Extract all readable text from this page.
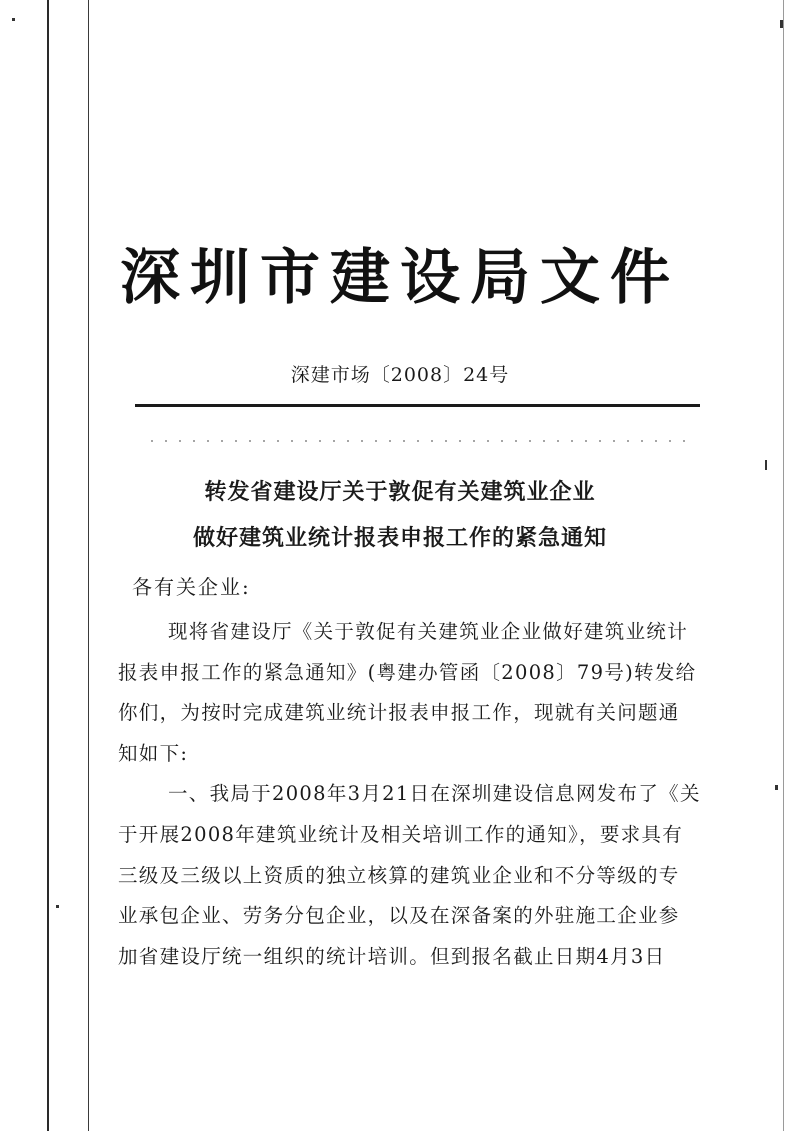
深圳市建设局文件
深建市场〔2008〕24号
转发省建设厅关于敦促有关建筑业企业
做好建筑业统计报表申报工作的紧急通知
各有关企业:
现将省建设厅《关于敦促有关建筑业企业做好建筑业统计
报表申报工作的紧急通知》(粤建办管函〔2008〕79号)转发给
你们，为按时完成建筑业统计报表申报工作，现就有关问题通
知如下:
一、我局于2008年3月21日在深圳建设信息网发布了《关
于开展2008年建筑业统计及相关培训工作的通知》，要求具有
三级及三级以上资质的独立核算的建筑业企业和不分等级的专
业承包企业、劳务分包企业，以及在深备案的外驻施工企业参
加省建设厅统一组织的统计培训。但到报名截止日期4月3日
